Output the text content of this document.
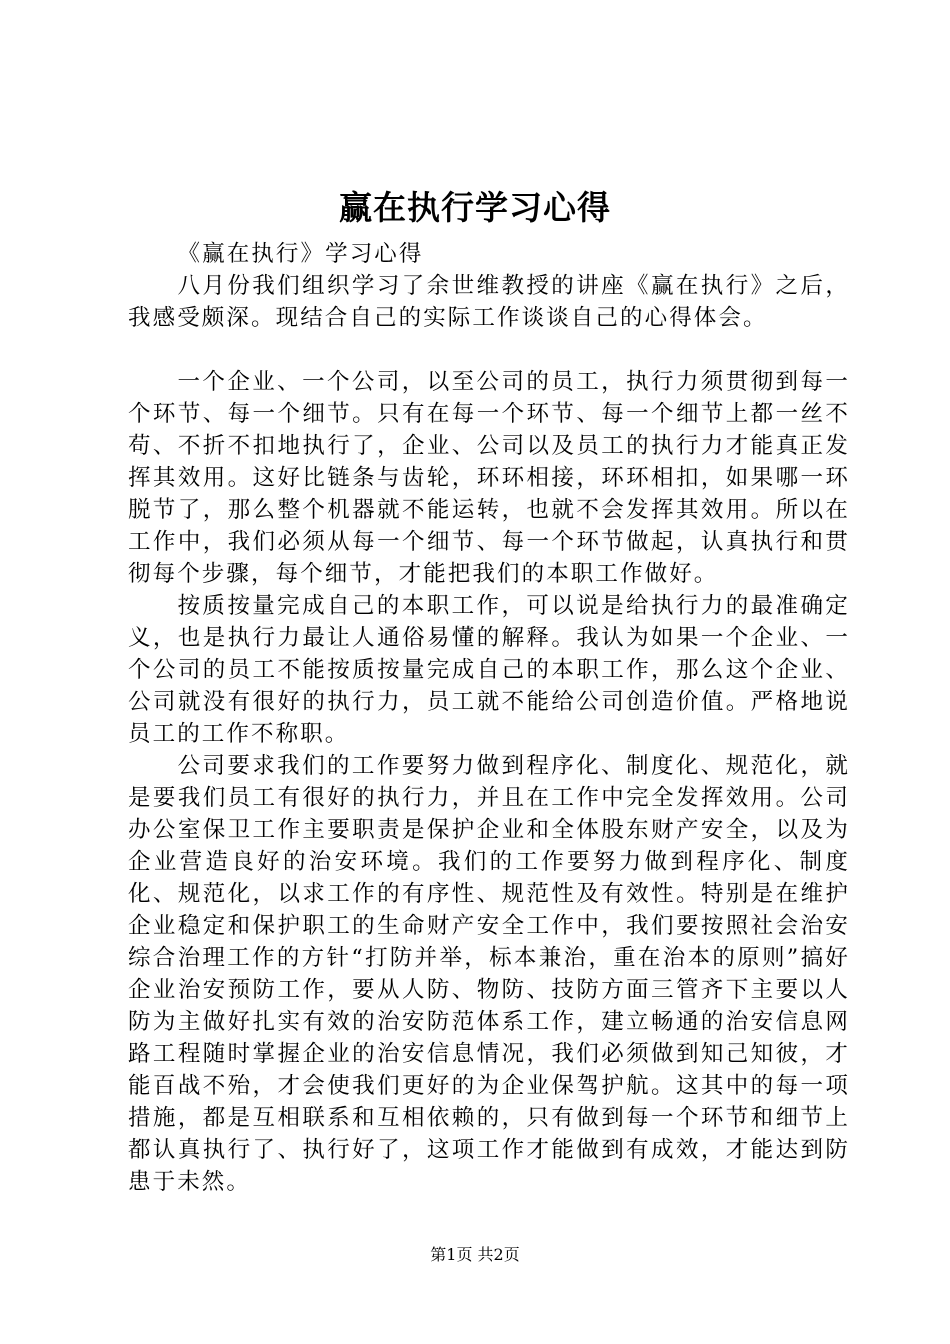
赢在执行学习心得

《赢在执行》学习心得

八月份我们组织学习了余世维教授的讲座《赢在执行》之后，我感受颇深。现结合自己的实际工作谈谈自己的心得体会。

一个企业、一个公司，以至公司的员工，执行力须贯彻到每一个环节、每一个细节。只有在每一个环节、每一个细节上都一丝不苟、不折不扣地执行了，企业、公司以及员工的执行力才能真正发挥其效用。这好比链条与齿轮，环环相接，环环相扣，如果哪一环脱节了，那么整个机器就不能运转，也就不会发挥其效用。所以在工作中，我们必须从每一个细节、每一个环节做起，认真执行和贯彻每个步骤，每个细节，才能把我们的本职工作做好。

按质按量完成自己的本职工作，可以说是给执行力的最准确定义，也是执行力最让人通俗易懂的解释。我认为如果一个企业、一个公司的员工不能按质按量完成自己的本职工作，那么这个企业、公司就没有很好的执行力，员工就不能给公司创造价值。严格地说员工的工作不称职。

公司要求我们的工作要努力做到程序化、制度化、规范化，就是要我们员工有很好的执行力，并且在工作中完全发挥效用。公司办公室保卫工作主要职责是保护企业和全体股东财产安全，以及为企业营造良好的治安环境。我们的工作要努力做到程序化、制度化、规范化，以求工作的有序性、规范性及有效性。特别是在维护企业稳定和保护职工的生命财产安全工作中，我们要按照社会治安综合治理工作的方针“打防并举，标本兼治，重在治本的原则”搞好企业治安预防工作，要从人防、物防、技防方面三管齐下主要以人防为主做好扎实有效的治安防范体系工作，建立畅通的治安信息网路工程随时掌握企业的治安信息情况，我们必须做到知己知彼，才能百战不殆，才会使我们更好的为企业保驾护航。这其中的每一项措施，都是互相联系和互相依赖的，只有做到每一个环节和细节上都认真执行了、执行好了，这项工作才能做到有成效，才能达到防患于未然。

第1页 共2页
